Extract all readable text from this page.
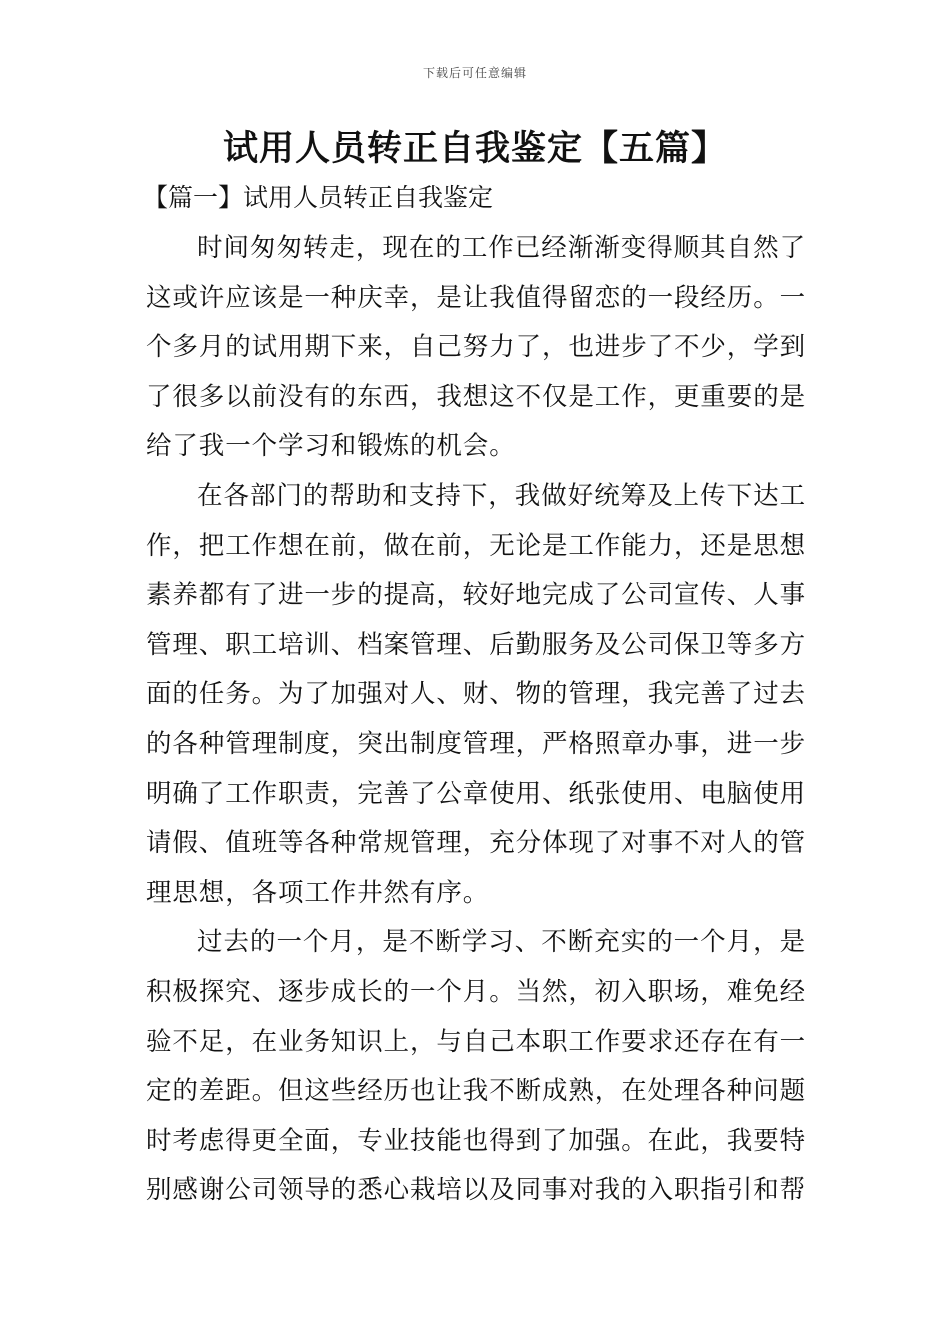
下载后可任意编辑
试用人员转正自我鉴定【五篇】
【篇一】试用人员转正自我鉴定

时间匆匆转走，现在的工作已经渐渐变得顺其自然了这或许应该是一种庆幸，是让我值得留恋的一段经历。一个多月的试用期下来，自己努力了，也进步了不少，学到了很多以前没有的东西，我想这不仅是工作，更重要的是给了我一个学习和锻炼的机会。

在各部门的帮助和支持下，我做好统筹及上传下达工作，把工作想在前，做在前，无论是工作能力，还是思想素养都有了进一步的提高，较好地完成了公司宣传、人事管理、职工培训、档案管理、后勤服务及公司保卫等多方面的任务。为了加强对人、财、物的管理，我完善了过去的各种管理制度，突出制度管理，严格照章办事，进一步明确了工作职责，完善了公章使用、纸张使用、电脑使用请假、值班等各种常规管理，充分体现了对事不对人的管理思想，各项工作井然有序。

过去的一个月，是不断学习、不断充实的一个月，是积极探究、逐步成长的一个月。当然，初入职场，难免经验不足，在业务知识上，与自己本职工作要求还存在有一定的差距。但这些经历也让我不断成熟，在处理各种问题时考虑得更全面，专业技能也得到了加强。在此，我要特别感谢公司领导的悉心栽培以及同事对我的入职指引和帮
